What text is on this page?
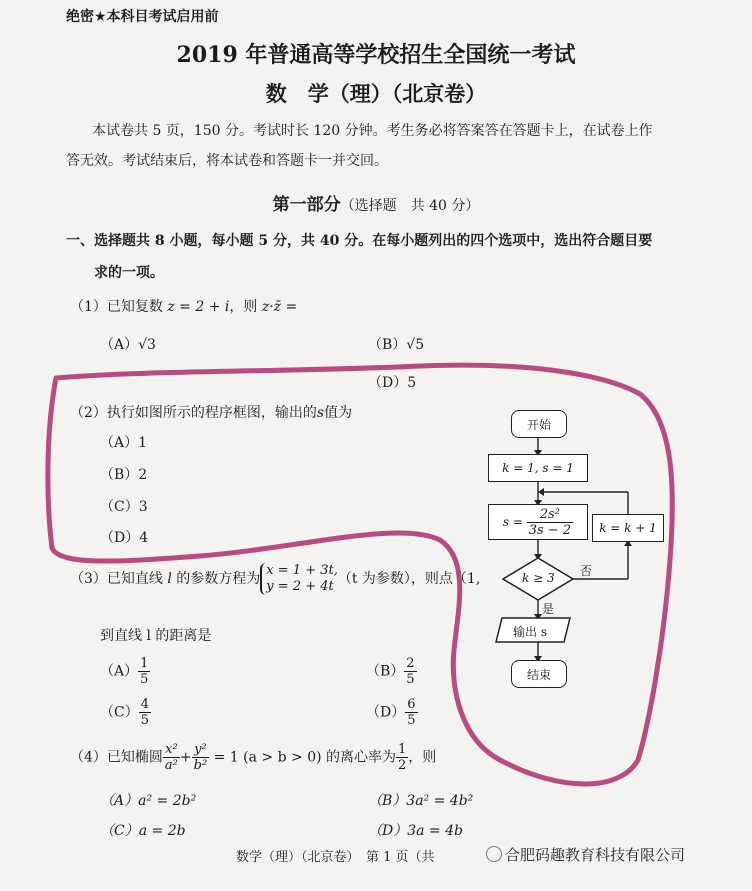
绝密★本科目考试启用前
2019 年普通高等学校招生全国统一考试
数　学（理）（北京卷）
本试卷共 5 页，150 分。考试时长 120 分钟。考生务必将答案答在答题卡上，在试卷上作
答无效。考试结束后，将本试卷和答题卡一并交回。
第一部分（选择题　共 40 分）
一、选择题共 8 小题，每小题 5 分，共 40 分。在每小题列出的四个选项中，选出符合题目要
求的一项。
（1）已知复数 z = 2 + i，则 z·z̄ =
（A）√3	（B）√5
（D）5
（2）执行如图所示的程序框图，输出的s值为
（A）1
（B）2
（C）3
（D）4
开始
k = 1, s = 1
s =
$\frac{\text{2s²}}{3s - 2}$	k = k + 1
k ≥ 3 否
是
输出 s
结束
（3）已知直线 l 的参数方程为x = 1 + 3t,
y = 2 + 4t （t 为参数），则点（1,
到直线 l 的距离是
$(A) \frac{1}{5}$	$(B) \frac{2}{5}$
$(C) \frac{4}{5}$	$(D) \frac{6}{5}$
（4）已知椭圆 $\frac{\text{x²}}{\text{a²}} + \frac{\text{y²}}{\text{b²}} = 1$ (a > b > 0) 的离心率为 $\frac{1}{2}$ ，则
（A）a² = 2b²	（B）3a² = 4b²
（C）a = 2b	（D）3a = 4b
数学（理）（北京卷）　第 1 页（共	合肥码趣教育科技有限公司
